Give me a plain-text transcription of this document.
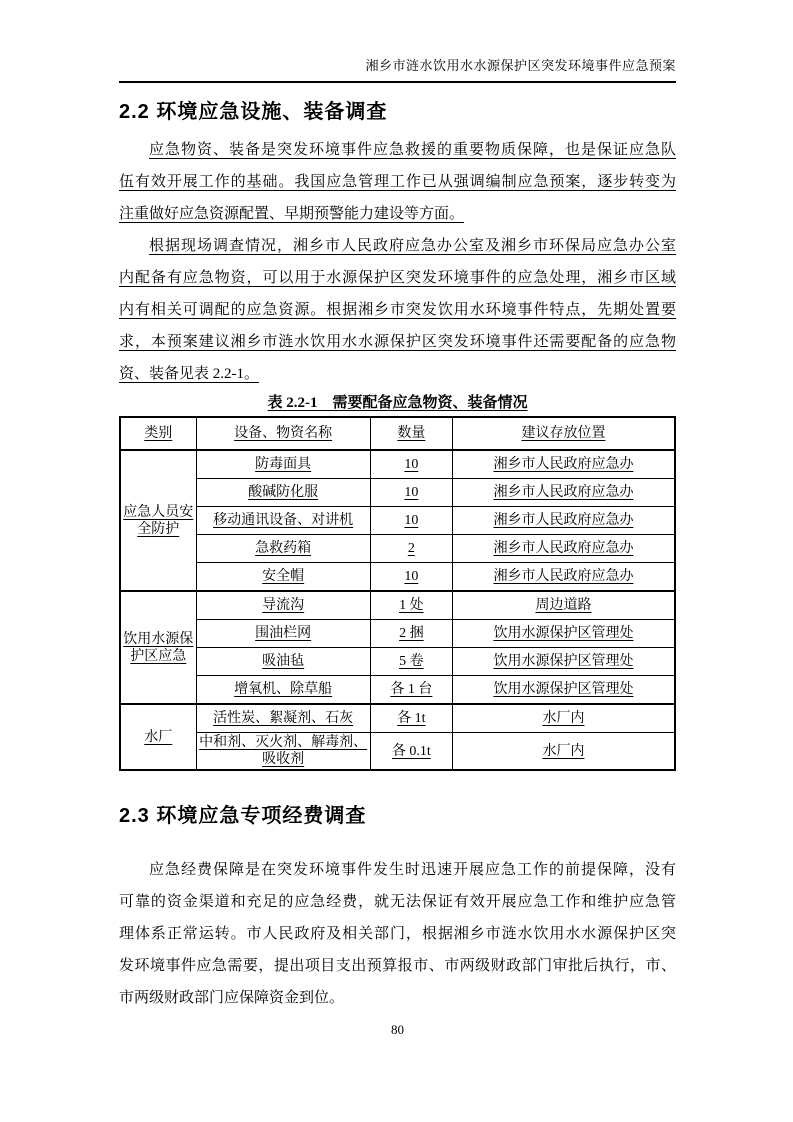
湘乡市涟水饮用水水源保护区突发环境事件应急预案
2.2 环境应急设施、装备调查
应急物资、装备是突发环境事件应急救援的重要物质保障，也是保证应急队
伍有效开展工作的基础。我国应急管理工作已从强调编制应急预案，逐步转变为
注重做好应急资源配置、早期预警能力建设等方面。
根据现场调查情况，湘乡市人民政府应急办公室及湘乡市环保局应急办公室
内配备有应急物资，可以用于水源保护区突发环境事件的应急处理，湘乡市区域
内有相关可调配的应急资源。根据湘乡市突发饮用水环境事件特点，先期处置要
求，本预案建议湘乡市涟水饮用水水源保护区突发环境事件还需要配备的应急物
资、装备见表 2.2-1。
表 2.2-1　需要配备应急物资、装备情况
类别	设备、物资名称	数量	建议存放位置
应急人员安全防护	防毒面具	10	湘乡市人民政府应急办
	酸碱防化服	10	湘乡市人民政府应急办
	移动通讯设备、对讲机	10	湘乡市人民政府应急办
	急救药箱	2	湘乡市人民政府应急办
	安全帽	10	湘乡市人民政府应急办
饮用水源保护区应急	导流沟	1 处	周边道路
	围油栏网	2 捆	饮用水源保护区管理处
	吸油毡	5 卷	饮用水源保护区管理处
	增氧机、除草船	各 1 台	饮用水源保护区管理处
水厂	活性炭、絮凝剂、石灰	各 1t	水厂内
	中和剂、灭火剂、解毒剂、吸收剂	各 0.1t	水厂内
2.3 环境应急专项经费调查
应急经费保障是在突发环境事件发生时迅速开展应急工作的前提保障，没有
可靠的资金渠道和充足的应急经费，就无法保证有效开展应急工作和维护应急管
理体系正常运转。市人民政府及相关部门，根据湘乡市涟水饮用水水源保护区突
发环境事件应急需要，提出项目支出预算报市、市两级财政部门审批后执行，市、
市两级财政部门应保障资金到位。
80
